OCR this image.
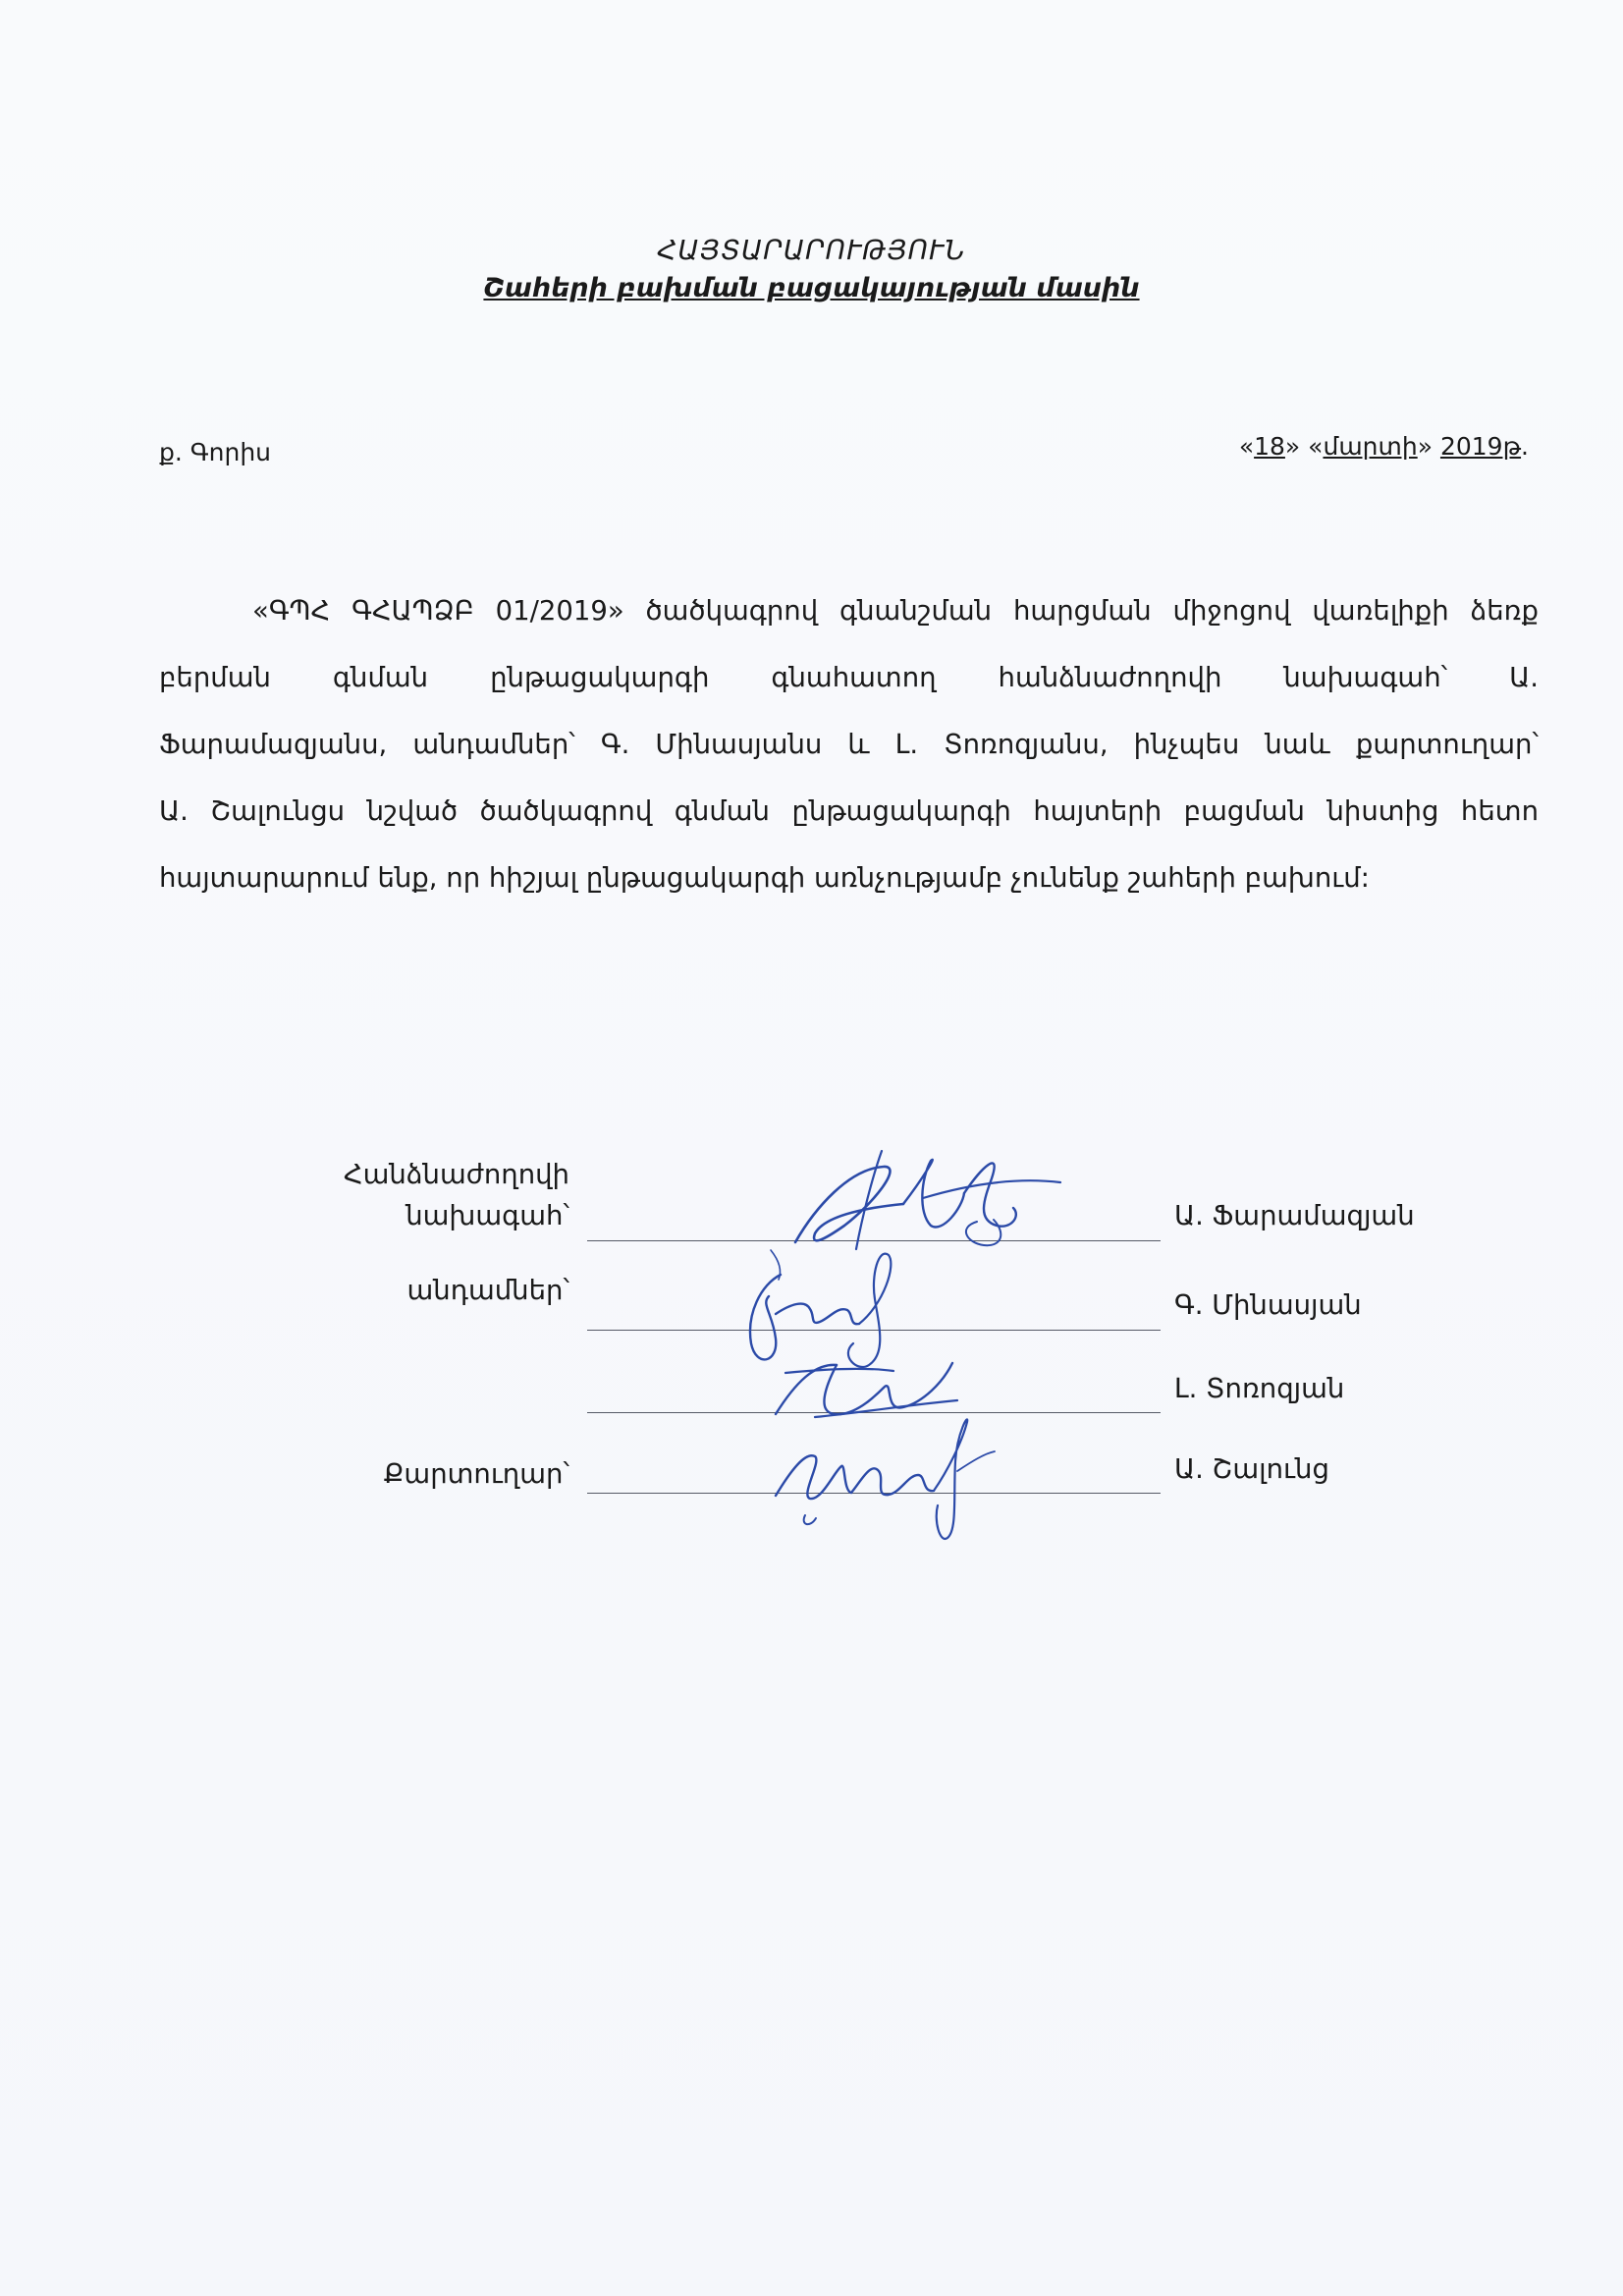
ՀԱՅՏԱՐԱՐՈՒԹՅՈՒՆ
Շահերի բախման բացակայության մասին
ք. Գորիս	«18» «մարտի» 2019թ.
«ԳՊՀ ԳՀԱՊՁԲ 01/2019» ծածկագրով գնանշման հարցման միջոցով վառելիքի ձեռք
բերման գնման ընթացակարգի գնահատող հանձնաժողովի նախագահ՝ Ա.
Ֆարամազյանս, անդամներ՝ Գ. Մինասյանս և Լ. Տոռոզյանս, ինչպես նաև քարտուղար՝
Ա. Շալունցս նշված ծածկագրով գնման ընթացակարգի հայտերի բացման նիստից հետո
հայտարարում ենք, որ հիշյալ ընթացակարգի առնչությամբ չունենք շահերի բախում:
Հանձնաժողովի
նախագահ՝	Ա. Ֆարամազյան
անդամներ՝	Գ. Մինասյան
Լ. Տոռոզյան
Քարտուղար՝	Ա. Շալունց
